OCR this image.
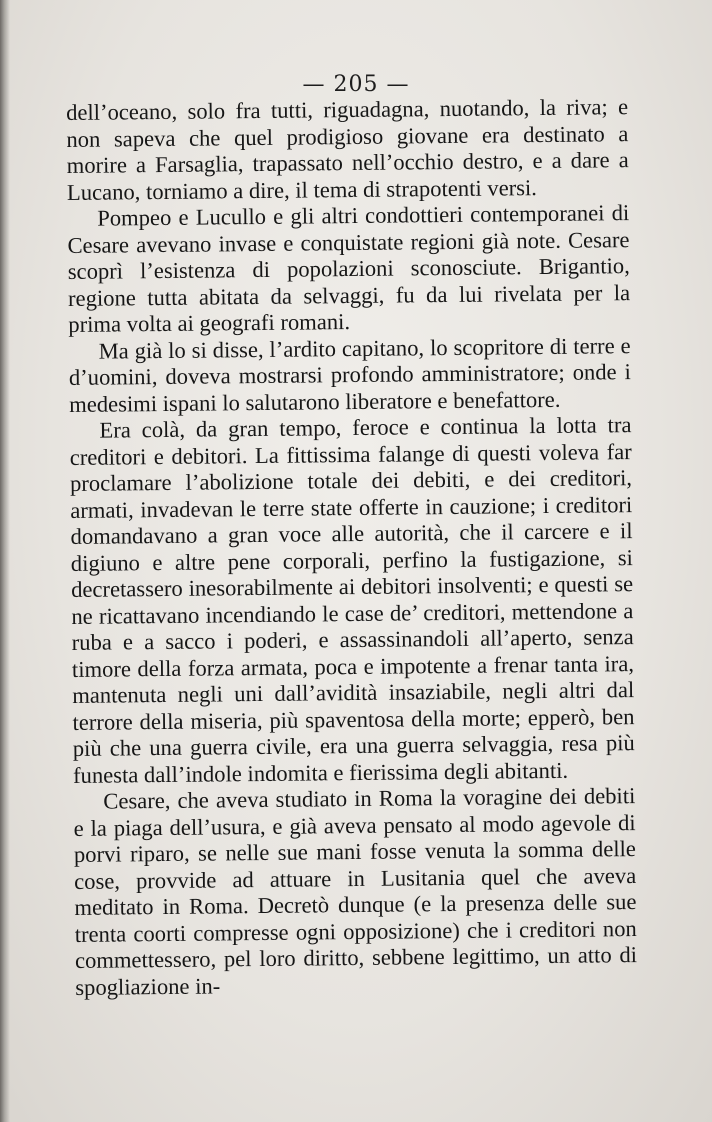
— 205 —

dell’oceano, solo fra tutti, riguadagna, nuotando, la riva; e non sapeva che quel prodigioso giovane era destinato a morire a Farsaglia, trapassato nell’occhio destro, e a dare a Lucano, torniamo a dire, il tema di strapotenti versi.

Pompeo e Lucullo e gli altri condottieri contemporanei di Cesare avevano invase e conquistate regioni già note. Cesare scoprì l’esistenza di popolazioni sconosciute. Brigantio, regione tutta abitata da selvaggi, fu da lui rivelata per la prima volta ai geografi romani.

Ma già lo si disse, l’ardito capitano, lo scopritore di terre e d’uomini, doveva mostrarsi profondo amministratore; onde i medesimi ispani lo salutarono liberatore e benefattore.

Era colà, da gran tempo, feroce e continua la lotta tra creditori e debitori. La fittissima falange di questi voleva far proclamare l’abolizione totale dei debiti, e dei creditori, armati, invadevan le terre state offerte in cauzione; i creditori domandavano a gran voce alle autorità, che il carcere e il digiuno e altre pene corporali, perfino la fustigazione, si decretassero inesorabilmente ai debitori insolventi; e questi se ne ricattavano incendiando le case de’ creditori, mettendone a ruba e a sacco i poderi, e assassinandoli all’aperto, senza timore della forza armata, poca e impotente a frenar tanta ira, mantenuta negli uni dall’avidità insaziabile, negli altri dal terrore della miseria, più spaventosa della morte; epperò, ben più che una guerra civile, era una guerra selvaggia, resa più funesta dall’indole indomita e fierissima degli abitanti.

Cesare, che aveva studiato in Roma la voragine dei debiti e la piaga dell’usura, e già aveva pensato al modo agevole di porvi riparo, se nelle sue mani fosse venuta la somma delle cose, provvide ad attuare in Lusitania quel che aveva meditato in Roma. Decretò dunque (e la presenza delle sue trenta coorti compresse ogni opposizione) che i creditori non commettessero, pel loro diritto, sebbene legittimo, un atto di spogliazione in-
